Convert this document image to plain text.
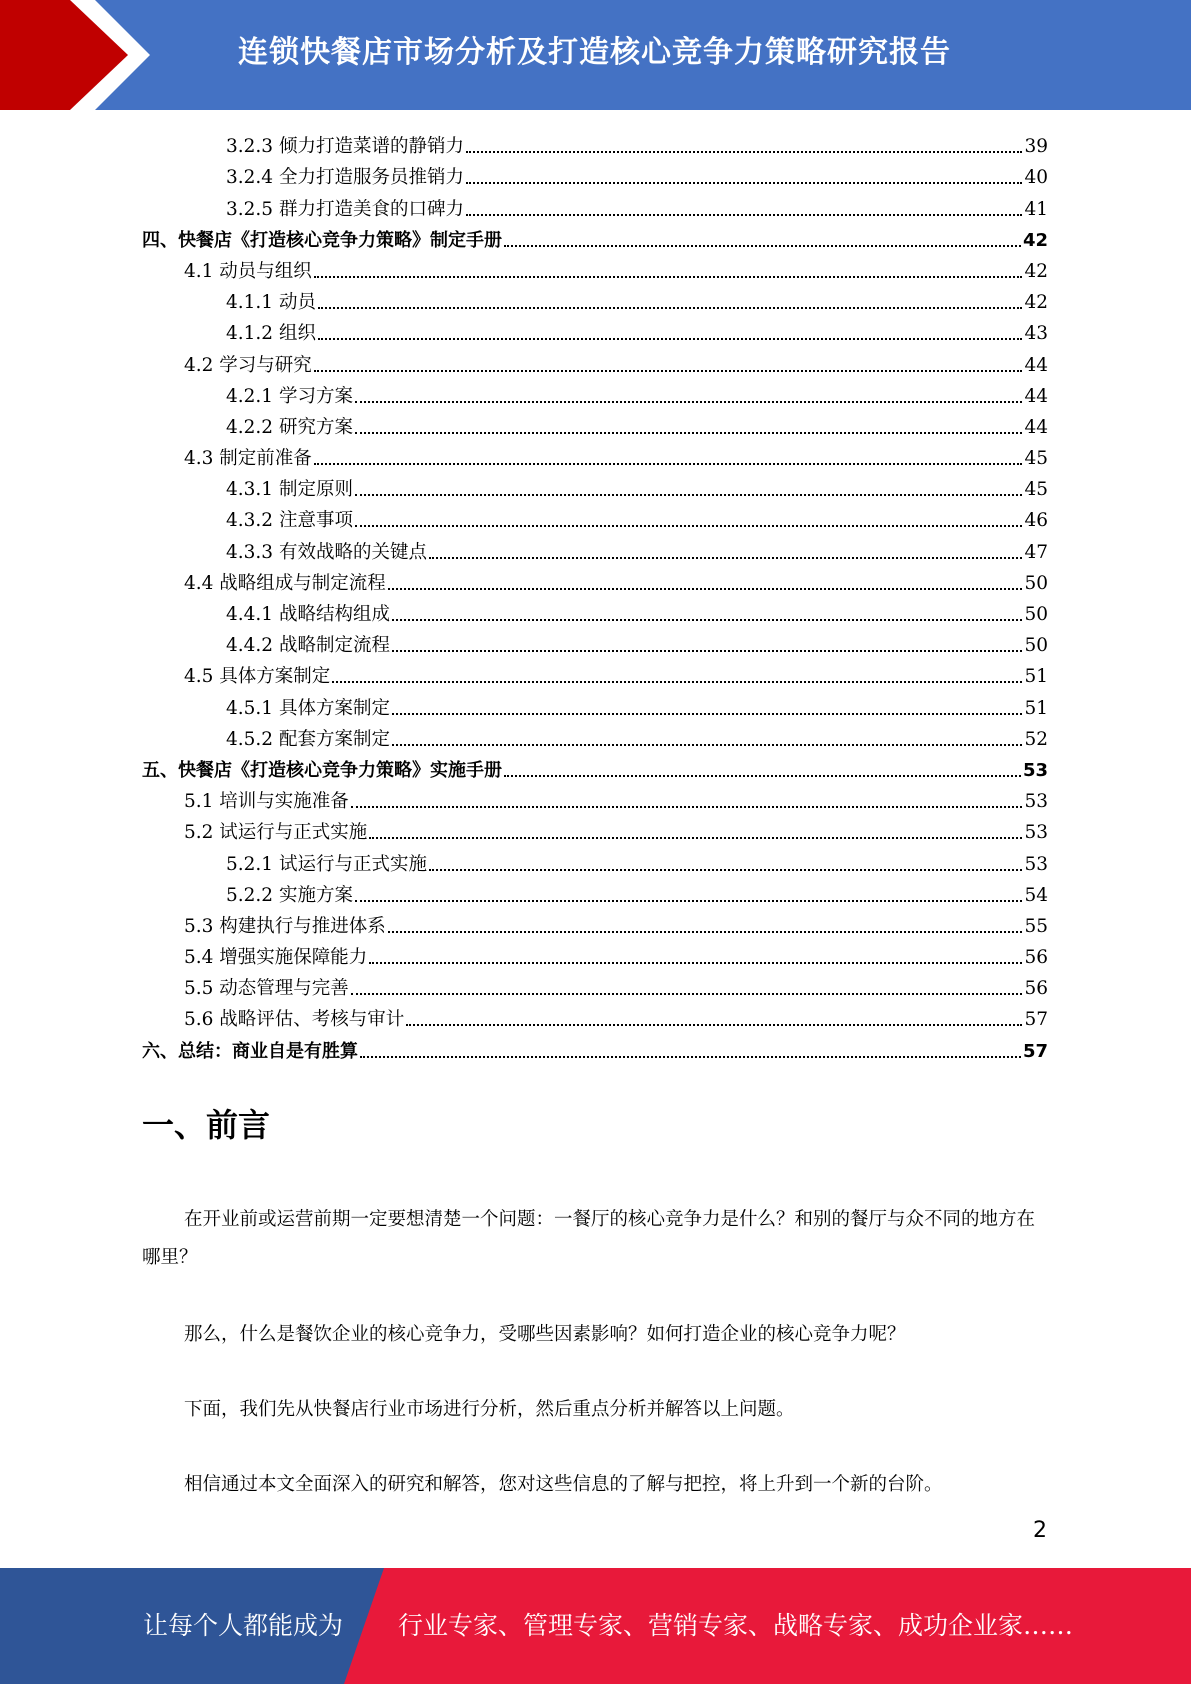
连锁快餐店市场分析及打造核心竞争力策略研究报告
3.2.3 倾力打造菜谱的静销力	39
3.2.4 全力打造服务员推销力	40
3.2.5 群力打造美食的口碑力	41
四、快餐店《打造核心竞争力策略》制定手册	42
4.1 动员与组织	42
4.1.1 动员	42
4.1.2 组织	43
4.2 学习与研究	44
4.2.1 学习方案	44
4.2.2 研究方案	44
4.3 制定前准备	45
4.3.1 制定原则	45
4.3.2 注意事项	46
4.3.3 有效战略的关键点	47
4.4 战略组成与制定流程	50
4.4.1 战略结构组成	50
4.4.2 战略制定流程	50
4.5 具体方案制定	51
4.5.1 具体方案制定	51
4.5.2 配套方案制定	52
五、快餐店《打造核心竞争力策略》实施手册	53
5.1 培训与实施准备	53
5.2 试运行与正式实施	53
5.2.1 试运行与正式实施	53
5.2.2 实施方案	54
5.3 构建执行与推进体系	55
5.4 增强实施保障能力	56
5.5 动态管理与完善	56
5.6 战略评估、考核与审计	57
六、总结：商业自是有胜算	57
一、前言

在开业前或运营前期一定要想清楚一个问题：一餐厅的核心竞争力是什么？和别的餐厅与众不同的地方在哪里？

那么，什么是餐饮企业的核心竞争力，受哪些因素影响？如何打造企业的核心竞争力呢？

下面，我们先从快餐店行业市场进行分析，然后重点分析并解答以上问题。

相信通过本文全面深入的研究和解答，您对这些信息的了解与把控，将上升到一个新的台阶。

2
让每个人都能成为 行业专家、管理专家、营销专家、战略专家、成功企业家……
